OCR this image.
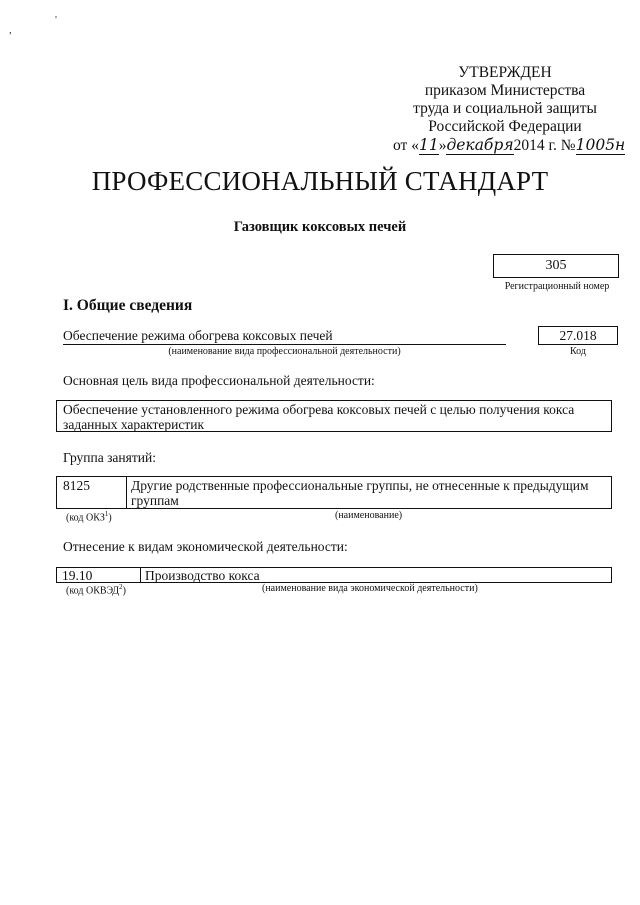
,
'
УТВЕРЖДЕН
приказом Министерства
труда и социальной защиты
Российской Федерации
от «11»декабря2014 г. №1005н
ПРОФЕССИОНАЛЬНЫЙ СТАНДАРТ
Газовщик коксовых печей
305
Регистрационный номер
I. Общие сведения
Обеспечение режима обогрева коксовых печей
(наименование вида профессиональной деятельности)
27.018
Код
Основная цель вида профессиональной деятельности:
Обеспечение установленного режима обогрева коксовых печей с целью получения кокса заданных характеристик
Группа занятий:
8125	Другие родственные профессиональные группы, не отнесенные к предыдущим группам
(код ОКЗ$^1$)	(наименование)
Отнесение к видам экономической деятельности:
19.10	Производство кокса
(код ОКВЭД$^2$)	(наименование вида экономической деятельности)
